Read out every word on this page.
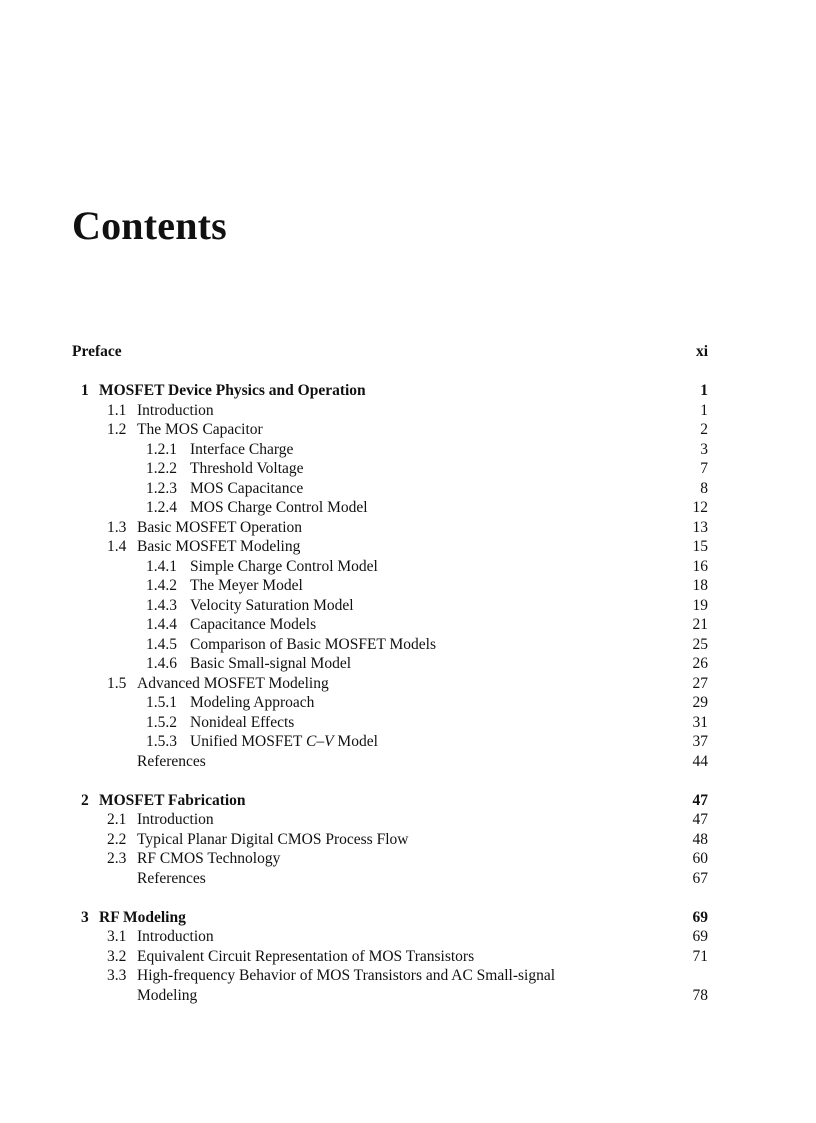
Contents
Preface	xi
1 MOSFET Device Physics and Operation	1
1.1 Introduction	1
1.2 The MOS Capacitor	2
1.2.1 Interface Charge	3
1.2.2 Threshold Voltage	7
1.2.3 MOS Capacitance	8
1.2.4 MOS Charge Control Model	12
1.3 Basic MOSFET Operation	13
1.4 Basic MOSFET Modeling	15
1.4.1 Simple Charge Control Model	16
1.4.2 The Meyer Model	18
1.4.3 Velocity Saturation Model	19
1.4.4 Capacitance Models	21
1.4.5 Comparison of Basic MOSFET Models	25
1.4.6 Basic Small-signal Model	26
1.5 Advanced MOSFET Modeling	27
1.5.1 Modeling Approach	29
1.5.2 Nonideal Effects	31
1.5.3 Unified MOSFET C–V Model	37
References	44
2 MOSFET Fabrication	47
2.1 Introduction	47
2.2 Typical Planar Digital CMOS Process Flow	48
2.3 RF CMOS Technology	60
References	67
3 RF Modeling	69
3.1 Introduction	69
3.2 Equivalent Circuit Representation of MOS Transistors	71
3.3 High-frequency Behavior of MOS Transistors and AC Small-signal
Modeling	78
